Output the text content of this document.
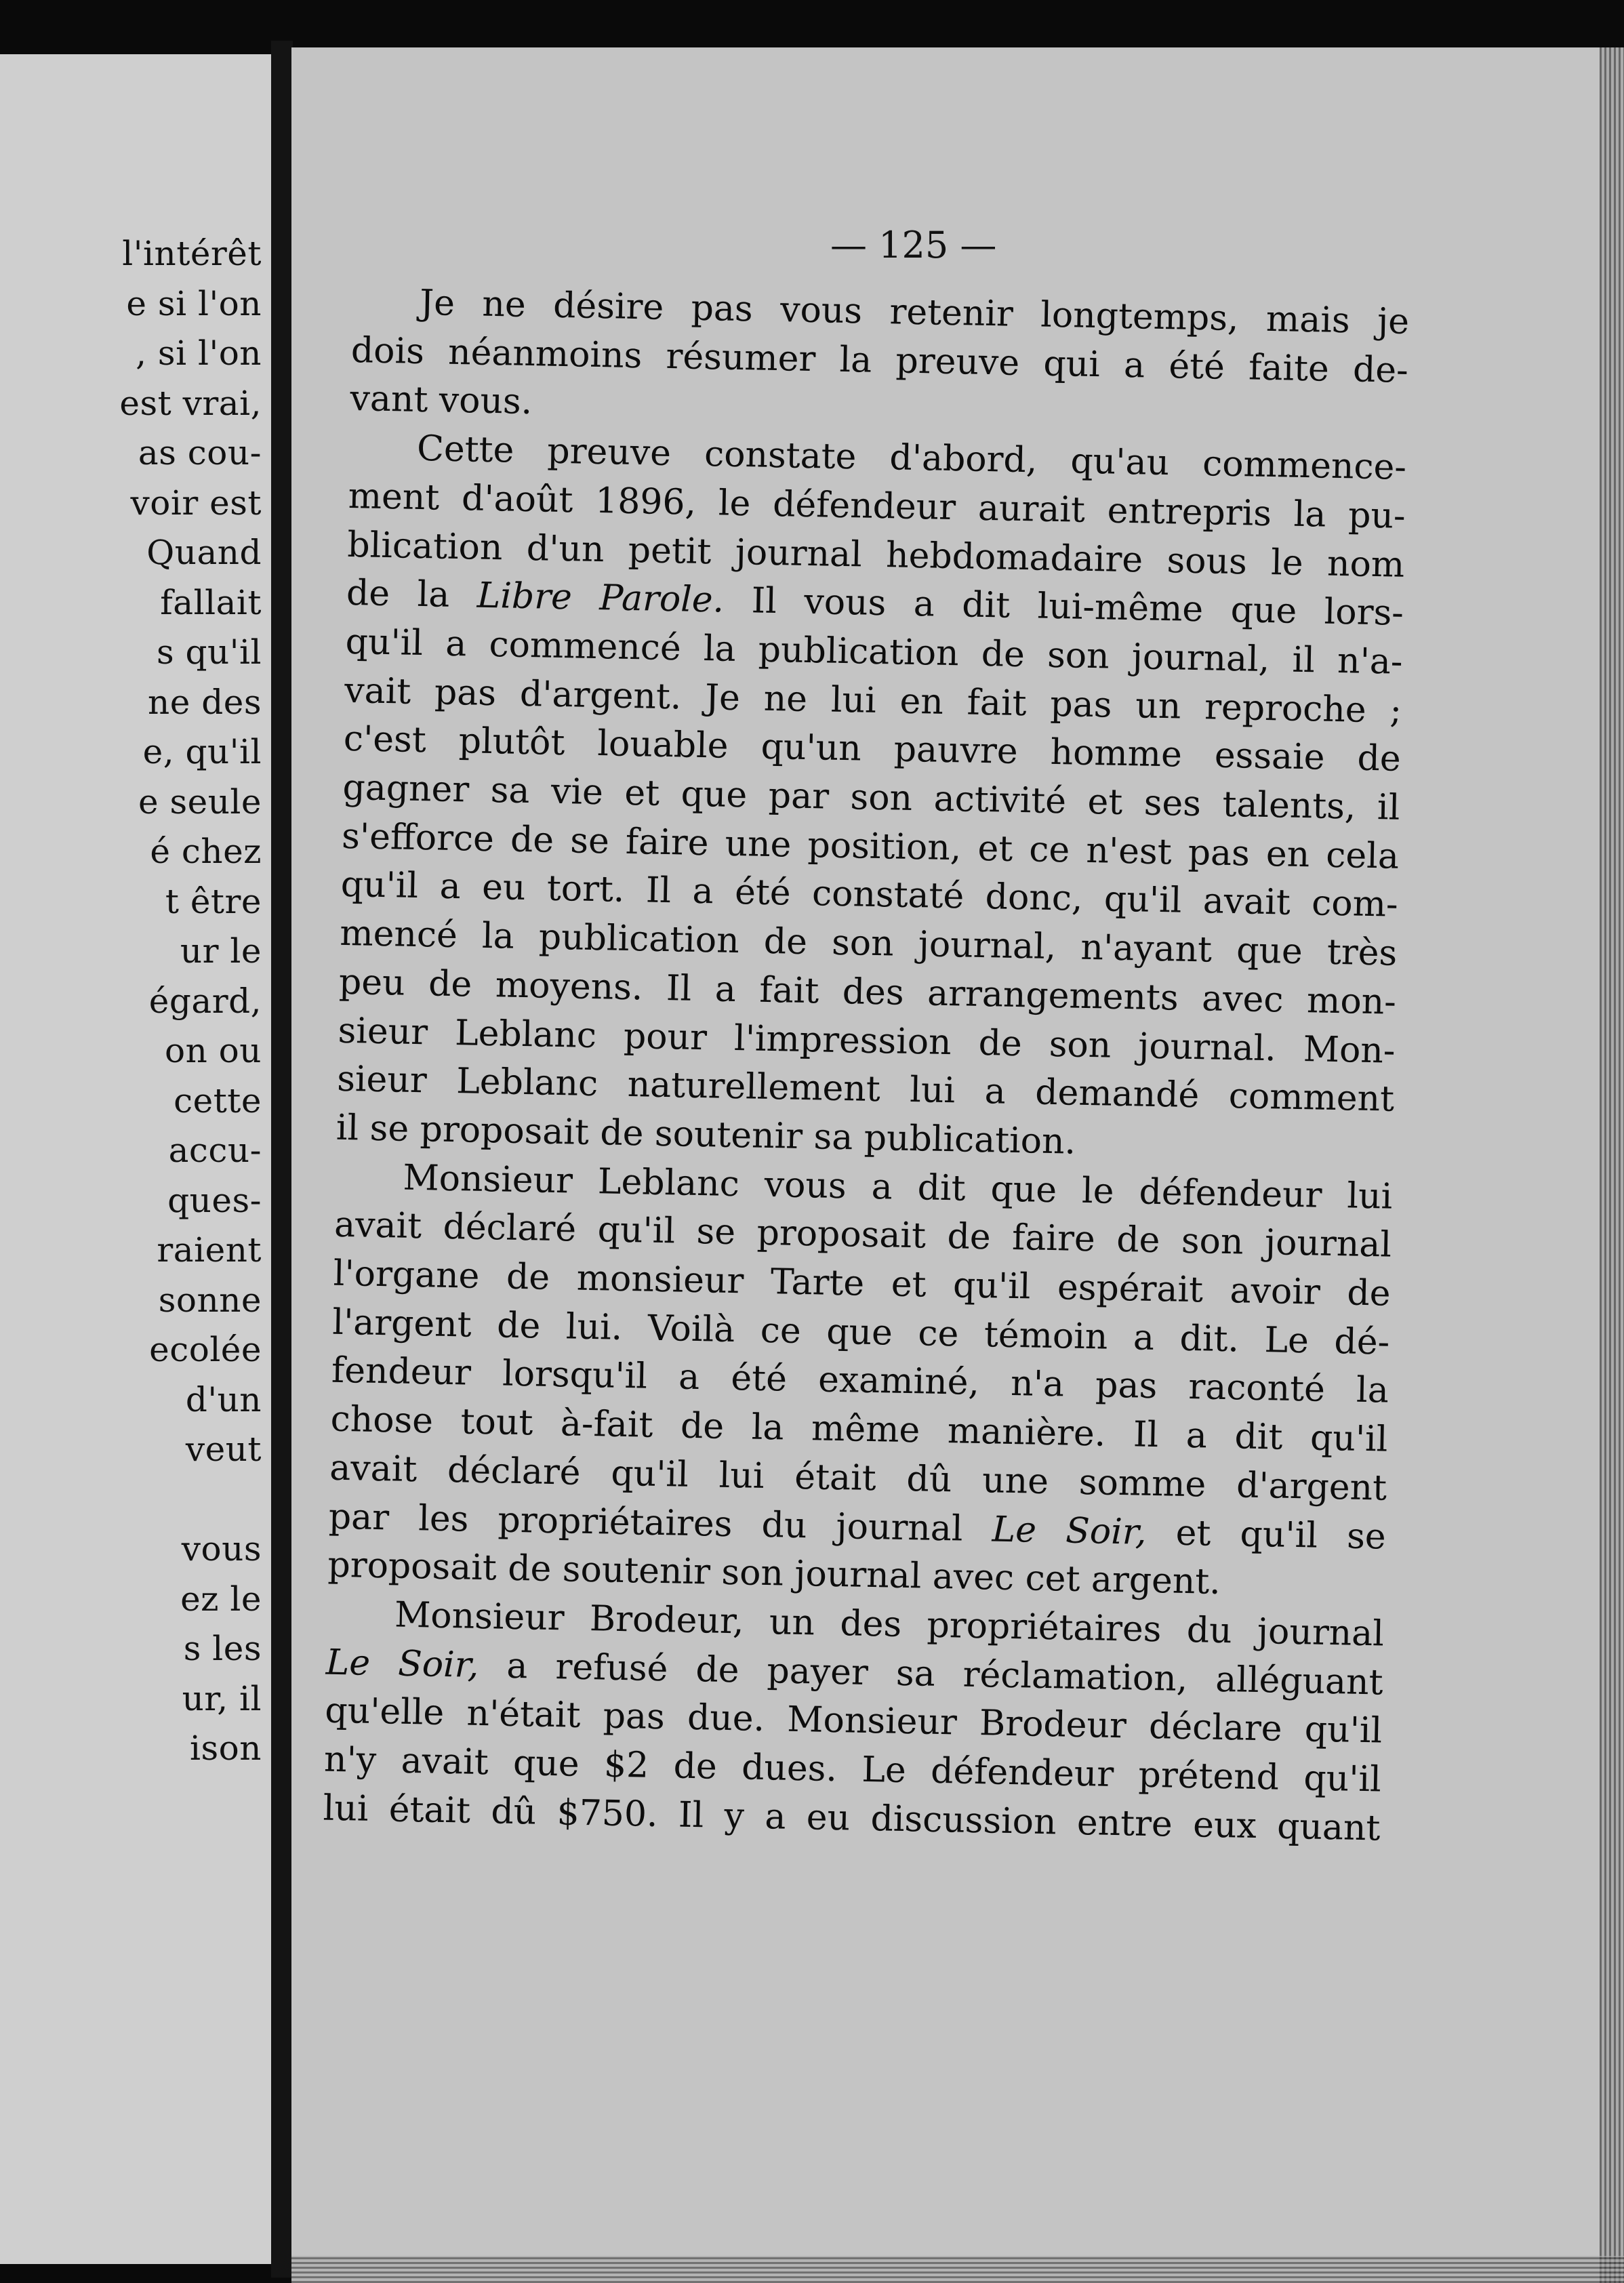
l'intérêt
e si l'on
, si l'on
est vrai,
as cou-
voir est
Quand
fallait
s qu'il
ne des
e, qu'il
e seule
é chez
t être
ur le
égard,
on ou
cette
accu-
ques-
raient
sonne
ecolée
d'un
veut
vous
ez le
s les
ur, il
ison
— 125 —
Je ne désire pas vous retenir longtemps, mais je
dois néanmoins résumer la preuve qui a été faite de-
vant vous.
Cette preuve constate d'abord, qu'au commence-
ment d'août 1896, le défendeur aurait entrepris la pu-
blication d'un petit journal hebdomadaire sous le nom
de la Libre Parole. Il vous a dit lui-même que lors-
qu'il a commencé la publication de son journal, il n'a-
vait pas d'argent. Je ne lui en fait pas un reproche ;
c'est plutôt louable qu'un pauvre homme essaie de
gagner sa vie et que par son activité et ses talents, il
s'efforce de se faire une position, et ce n'est pas en cela
qu'il a eu tort. Il a été constaté donc, qu'il avait com-
mencé la publication de son journal, n'ayant que très
peu de moyens. Il a fait des arrangements avec mon-
sieur Leblanc pour l'impression de son journal. Mon-
sieur Leblanc naturellement lui a demandé comment
il se proposait de soutenir sa publication.
Monsieur Leblanc vous a dit que le défendeur lui
avait déclaré qu'il se proposait de faire de son journal
l'organe de monsieur Tarte et qu'il espérait avoir de
l'argent de lui. Voilà ce que ce témoin a dit. Le dé-
fendeur lorsqu'il a été examiné, n'a pas raconté la
chose tout à-fait de la même manière. Il a dit qu'il
avait déclaré qu'il lui était dû une somme d'argent
par les propriétaires du journal Le Soir, et qu'il se
proposait de soutenir son journal avec cet argent.
Monsieur Brodeur, un des propriétaires du journal
Le Soir, a refusé de payer sa réclamation, alléguant
qu'elle n'était pas due. Monsieur Brodeur déclare qu'il
n'y avait que $2 de dues. Le défendeur prétend qu'il
lui était dû $750. Il y a eu discussion entre eux quant
